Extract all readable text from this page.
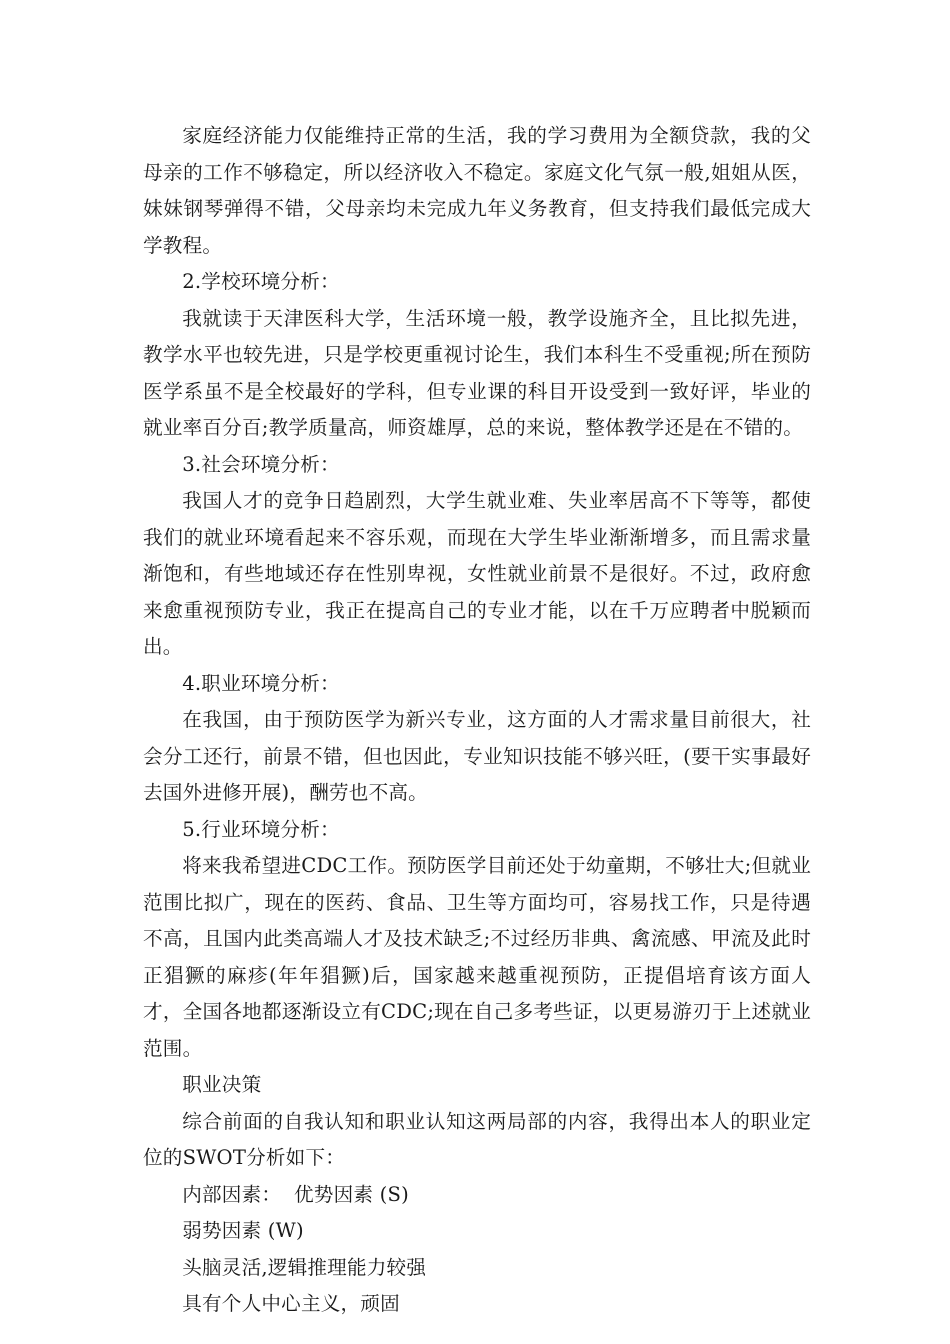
家庭经济能力仅能维持正常的生活，我的学习费用为全额贷款，我的父母亲的工作不够稳定，所以经济收入不稳定。家庭文化气氛一般,姐姐从医，妹妹钢琴弹得不错，父母亲均未完成九年义务教育，但支持我们最低完成大学教程。

2.学校环境分析：

我就读于天津医科大学，生活环境一般，教学设施齐全，且比拟先进，教学水平也较先进，只是学校更重视讨论生，我们本科生不受重视;所在预防医学系虽不是全校最好的学科，但专业课的科目开设受到一致好评，毕业的就业率百分百;教学质量高，师资雄厚，总的来说，整体教学还是在不错的。

3.社会环境分析：

我国人才的竞争日趋剧烈，大学生就业难、失业率居高不下等等，都使我们的就业环境看起来不容乐观，而现在大学生毕业渐渐增多，而且需求量渐饱和，有些地域还存在性别卑视，女性就业前景不是很好。不过，政府愈来愈重视预防专业，我正在提高自己的专业才能，以在千万应聘者中脱颖而出。

4.职业环境分析：

在我国，由于预防医学为新兴专业，这方面的人才需求量目前很大，社会分工还行，前景不错，但也因此，专业知识技能不够兴旺，(要干实事最好去国外进修开展)，酬劳也不高。

5.行业环境分析：

将来我希望进CDC工作。预防医学目前还处于幼童期，不够壮大;但就业范围比拟广，现在的医药、食品、卫生等方面均可，容易找工作，只是待遇不高，且国内此类高端人才及技术缺乏;不过经历非典、禽流感、甲流及此时正猖獗的麻疹(年年猖獗)后，国家越来越重视预防，正提倡培育该方面人才，全国各地都逐渐设立有CDC;现在自己多考些证，以更易游刃于上述就业范围。

职业决策

综合前面的自我认知和职业认知这两局部的内容，我得出本人的职业定位的SWOT分析如下：

内部因素：  优势因素 (S)

弱势因素 (W)

头脑灵活,逻辑推理能力较强

具有个人中心主义，顽固
